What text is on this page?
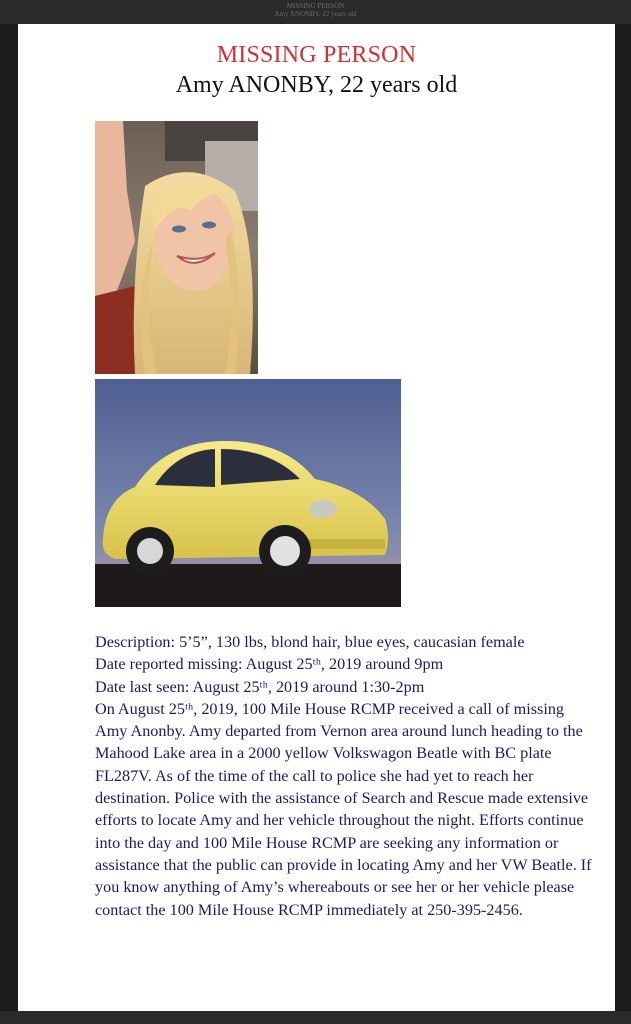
MISSING PERSON
Amy ANONBY, 22 years old
MISSING PERSON
Amy ANONBY, 22 years old

Description: 5’5”, 130 lbs, blond hair, blue eyes, caucasian female

Date reported missing: August 25ᵗʰ, 2019 around 9pm

Date last seen: August 25ᵗʰ, 2019 around 1:30-2pm

On August 25ᵗʰ, 2019, 100 Mile House RCMP received a call of missing Amy Anonby. Amy departed from Vernon area around lunch heading to the Mahood Lake area in a 2000 yellow Volkswagon Beatle with BC plate FL287V. As of the time of the call to police she had yet to reach her destination. Police with the assistance of Search and Rescue made extensive efforts to locate Amy and her vehicle throughout the night. Efforts continue into the day and 100 Mile House RCMP are seeking any information or assistance that the public can provide in locating Amy and her VW Beatle. If you know anything of Amy’s whereabouts or see her or her vehicle please contact the 100 Mile House RCMP immediately at 250-395-2456.
